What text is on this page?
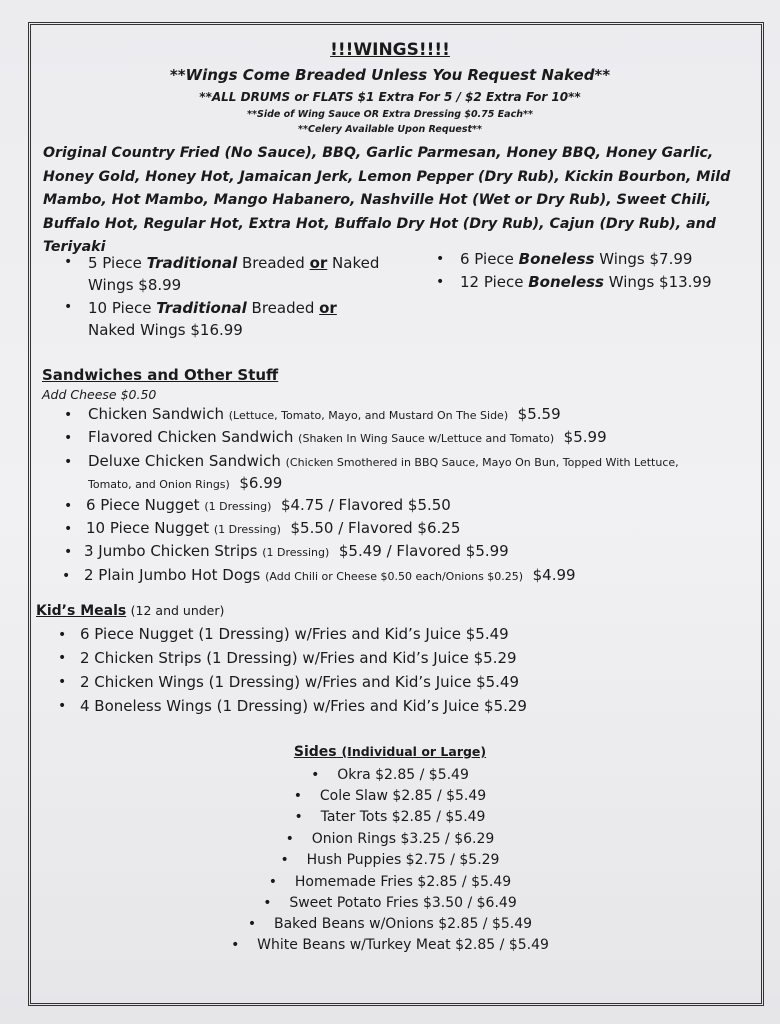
!!!WINGS!!!!
**Wings Come Breaded Unless You Request Naked**
**ALL DRUMS or FLATS $1 Extra For 5 / $2 Extra For 10**
**Side of Wing Sauce OR Extra Dressing $0.75 Each**
**Celery Available Upon Request**
Original Country Fried (No Sauce), BBQ, Garlic Parmesan, Honey BBQ, Honey Garlic, Honey Gold, Honey Hot, Jamaican Jerk, Lemon Pepper (Dry Rub), Kickin Bourbon, Mild Mambo, Hot Mambo, Mango Habanero, Nashville Hot (Wet or Dry Rub), Sweet Chili, Buffalo Hot, Regular Hot, Extra Hot, Buffalo Dry Hot (Dry Rub), Cajun (Dry Rub), and Teriyaki
• 5 Piece Traditional Breaded or Naked
Wings $8.99
• 10 Piece Traditional Breaded or
Naked Wings $16.99
• 6 Piece Boneless Wings $7.99
• 12 Piece Boneless Wings $13.99
Sandwiches and Other Stuff
Add Cheese $0.50
• Chicken Sandwich (Lettuce, Tomato, Mayo, and Mustard On The Side) $5.59
• Flavored Chicken Sandwich (Shaken In Wing Sauce w/Lettuce and Tomato) $5.99
• Deluxe Chicken Sandwich (Chicken Smothered in BBQ Sauce, Mayo On Bun, Topped With Lettuce,
Tomato, and Onion Rings) $6.99
• 6 Piece Nugget (1 Dressing) $4.75 / Flavored $5.50
• 10 Piece Nugget (1 Dressing) $5.50 / Flavored $6.25
• 3 Jumbo Chicken Strips (1 Dressing) $5.49 / Flavored $5.99
• 2 Plain Jumbo Hot Dogs (Add Chili or Cheese $0.50 each/Onions $0.25) $4.99
Kid’s Meals (12 and under)
• 6 Piece Nugget (1 Dressing) w/Fries and Kid’s Juice $5.49
• 2 Chicken Strips (1 Dressing) w/Fries and Kid’s Juice $5.29
• 2 Chicken Wings (1 Dressing) w/Fries and Kid’s Juice $5.49
• 4 Boneless Wings (1 Dressing) w/Fries and Kid’s Juice $5.29
Sides (Individual or Large)
•    Okra $2.85 / $5.49
•    Cole Slaw $2.85 / $5.49
•    Tater Tots $2.85 / $5.49
•    Onion Rings $3.25 / $6.29
•    Hush Puppies $2.75 / $5.29
•    Homemade Fries $2.85 / $5.49
•    Sweet Potato Fries $3.50 / $6.49
•    Baked Beans w/Onions $2.85 / $5.49
•    White Beans w/Turkey Meat $2.85 / $5.49
